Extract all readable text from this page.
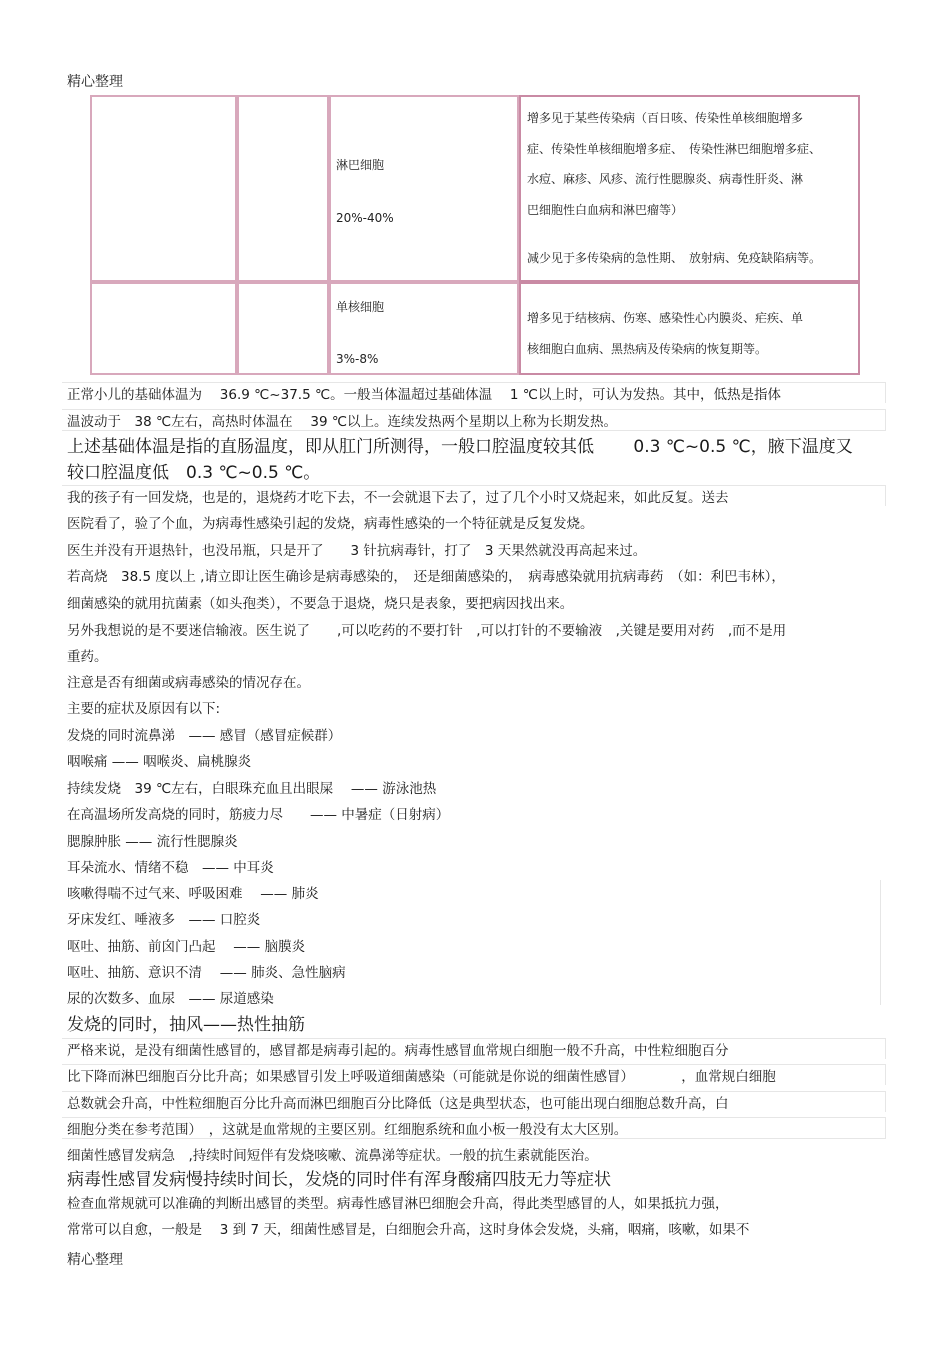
精心整理
淋巴细胞
20%-40%
增多见于某些传染病（百日咳、传染性单核细胞增多
症、传染性单核细胞增多症、　传染性淋巴细胞增多症、
水痘、麻疹、风疹、流行性腮腺炎、病毒性肝炎、淋
巴细胞性白血病和淋巴瘤等）
减少见于多传染病的急性期、　放射病、免疫缺陷病等。
单核细胞
3%-8%
增多见于结核病、伤寒、感染性心内膜炎、疟疾、单
核细胞白血病、黑热病及传染病的恢复期等。
正常小儿的基础体温为　 36.9 ℃~37.5 ℃。一般当体温超过基础体温　 1 ℃以上时，可认为发热。其中，低热是指体
温波动于　38 ℃左右，高热时体温在　 39 ℃以上。连续发热两个星期以上称为长期发热。
上述基础体温是指的直肠温度，即从肛门所测得，一般口腔温度较其低　　 0.3 ℃~0.5 ℃，腋下温度又
较口腔温度低　0.3 ℃~0.5 ℃。
我的孩子有一回发烧，也是的，退烧药才吃下去，不一会就退下去了，过了几个小时又烧起来，如此反复。送去
医院看了，验了个血，为病毒性感染引起的发烧，病毒性感染的一个特征就是反复发烧。
医生并没有开退热针，也没吊瓶，只是开了　　3 针抗病毒针，打了　3 天果然就没再高起来过。
若高烧　38.5 度以上 ,请立即让医生确诊是病毒感染的，　还是细菌感染的，　病毒感染就用抗病毒药　（如：利巴韦林），
细菌感染的就用抗菌素（如头孢类），不要急于退烧，烧只是表象，要把病因找出来。
另外我想说的是不要迷信输液。医生说了　　,可以吃药的不要打针　,可以打针的不要输液　,关键是要用对药　,而不是用
重药。
注意是否有细菌或病毒感染的情况存在。
主要的症状及原因有以下:
发烧的同时流鼻涕　—— 感冒（感冒症候群）
咽喉痛 —— 咽喉炎、扁桃腺炎
持续发烧　39 ℃左右，白眼珠充血且出眼屎　 —— 游泳池热
在高温场所发高烧的同时，筋疲力尽　　—— 中暑症（日射病）
腮腺肿胀 —— 流行性腮腺炎
耳朵流水、情绪不稳　—— 中耳炎
咳嗽得喘不过气来、呼吸困难　 —— 肺炎
牙床发红、唾液多　—— 口腔炎
呕吐、抽筋、前囟门凸起　 —— 脑膜炎
呕吐、抽筋、意识不清　 —— 肺炎、急性脑病
尿的次数多、血尿　—— 尿道感染
发烧的同时，抽风——热性抽筋
严格来说，是没有细菌性感冒的，感冒都是病毒引起的。病毒性感冒血常规白细胞一般不升高，中性粒细胞百分
比下降而淋巴细胞百分比升高；如果感冒引发上呼吸道细菌感染（可能就是你说的细菌性感冒）　　　　，血常规白细胞
总数就会升高，中性粒细胞百分比升高而淋巴细胞百分比降低（这是典型状态，也可能出现白细胞总数升高，白
细胞分类在参考范围）　，这就是血常规的主要区别。红细胞系统和血小板一般没有太大区别。
细菌性感冒发病急　,持续时间短伴有发烧咳嗽、流鼻涕等症状。一般的抗生素就能医治。
病毒性感冒发病慢持续时间长，发烧的同时伴有浑身酸痛四肢无力等症状
检查血常规就可以准确的判断出感冒的类型。病毒性感冒淋巴细胞会升高，得此类型感冒的人，如果抵抗力强，
常常可以自愈，一般是　 3 到 7 天，细菌性感冒是，白细胞会升高，这时身体会发烧，头痛，咽痛，咳嗽，如果不
精心整理
